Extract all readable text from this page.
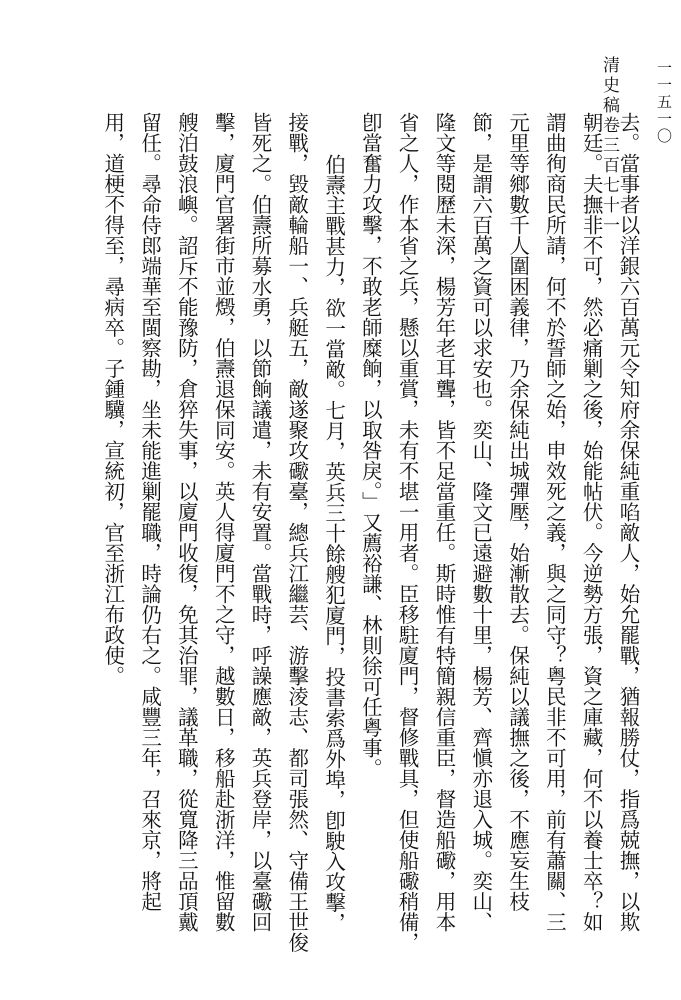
清史稿卷三百七十一 一一五一〇
去。當事者以洋銀六百萬元令知府余保純重啗敵人，始允罷戰，猶報勝仗，指爲兢撫，以欺
朝廷。夫撫非不可，然必痛剿之後，始能帖伏。今逆勢方張，資之庫藏，何不以養士卒？如
謂曲徇商民所請，何不於誓師之始，申效死之義，與之同守？粤民非不可用，前有蕭關、三
元里等鄉數千人圍困義律，乃余保純出城彈壓，始漸散去。保純以議撫之後，不應妄生枝
節，是謂六百萬之資可以求安也。奕山、隆文已遠避數十里，楊芳、齊愼亦退入城。奕山、
隆文等閱歷未深，楊芳年老耳聾，皆不足當重任。斯時惟有特簡親信重臣，督造船礮，用本
省之人，作本省之兵，懸以重賞，未有不堪一用者。臣移駐廈門，督修戰具，但使船礮稍備，
卽當奮力攻擊，不敢老師糜餉，以取咎戾。」又薦裕謙、林則徐可任粤事。
伯燾主戰甚力，欲一當敵。七月，英兵三十餘艘犯廈門，投書索爲外埠，卽駛入攻擊，
接戰，毀敵輪船一、兵艇五，敵遂聚攻礮臺，總兵江繼芸、游擊淩志、都司張然、守備王世俊
皆死之。伯燾所募水勇，以節餉議遣，未有安置。當戰時，呼譟應敵，英兵登岸，以臺礮回
擊，廈門官署街市並燬，伯燾退保同安。英人得廈門不之守，越數日，移船赴浙洋，惟留數
艘泊鼓浪嶼。詔斥不能豫防，倉猝失事，以廈門收復，免其治罪，議革職，從寬降三品頂戴
留任。尋命侍郎端華至閩察勘，坐未能進剿罷職，時論仍右之。咸豐三年，召來京，將起
用，道梗不得至，尋病卒。子鍾驥，宣統初，官至浙江布政使。
